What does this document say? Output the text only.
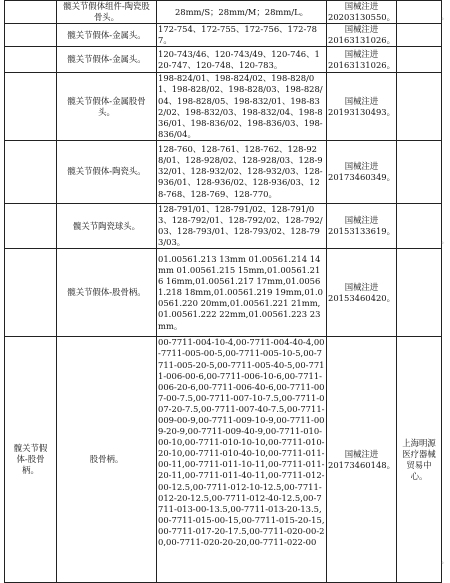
	髋关节假体组件-陶瓷股骨头。	28mm/S；28mm/M；28mm/L。	国械注进
20203130550。	

	髋关节假体-金属头。	172-754、172-755、172-756、172-787。	国械注进
20163131026。	

	髋关节假体-金属头。	120-743/46、120-743/49、120-746、120-747、120-748、120-783。	国械注进
20163131026。	

	髋关节假体-金属股骨头。	198-824/01、198-824/02、198-828/01、198-828/02、198-828/03、198-828/04、198-828/05、198-832/01、198-832/02、198-832/03、198-832/04、198-836/01、198-836/02、198-836/03、198-836/04。	国械注进
20193130493。	

	髋关节假体-陶瓷头。	128-760、128-761、128-762、128-928/01、128-928/02、128-928/03、128-932/01、128-932/02、128-932/03、128-936/01、128-936/02、128-936/03、128-768、128-769、128-770。	国械注进
20173460349。	

	髋关节陶瓷球头。	128-791/01、128-791/02、128-791/03、128-792/01、128-792/02、128-792/03、128-793/01、128-793/02、128-793/03。	国械注进
20153133619。	

	髋关节假体-股骨柄。	01.00561.213 13mm 01.00561.214 14mm 01.00561.215 15mm,01.00561.216 16mm,01.00561.217 17mm,01.00561.218 18mm,01.00561.219 19mm,01.00561.220 20mm,01.00561.221 21mm,01.00561.222 22mm,01.00561.223 23mm。	国械注进
20153460420。	

髋关节假体-股骨柄。	股骨柄。	00-7711-004-10-4,00-7711-004-40-4,00-7711-005-00-5,00-7711-005-10-5,00-7711-005-20-5,00-7711-005-40-5,00-7711-006-00-6,00-7711-006-10-6,00-7711-006-20-6,00-7711-006-40-6,00-7711-007-00-7.5,00-7711-007-10-7.5,00-7711-007-20-7.5,00-7711-007-40-7.5,00-7711-009-00-9,00-7711-009-10-9,00-7711-009-20-9,00-7711-009-40-9,00-7711-010-00-10,00-7711-010-10-10,00-7711-010-20-10,00-7711-010-40-10,00-7711-011-00-11,00-7711-011-10-11,00-7711-011-20-11,00-7711-011-40-11,00-7711-012-00-12.5,00-7711-012-10-12.5,00-7711-012-20-12.5,00-7711-012-40-12.5,00-7711-013-00-13.5,00-7711-013-20-13.5,00-7711-015-00-15,00-7711-015-20-15,00-7711-017-20-17.5,00-7711-020-00-20,00-7711-020-20-20,00-7711-022-00	国械注进
20173460148。	上海明源医疗器械贸易中心。
。
。
。
